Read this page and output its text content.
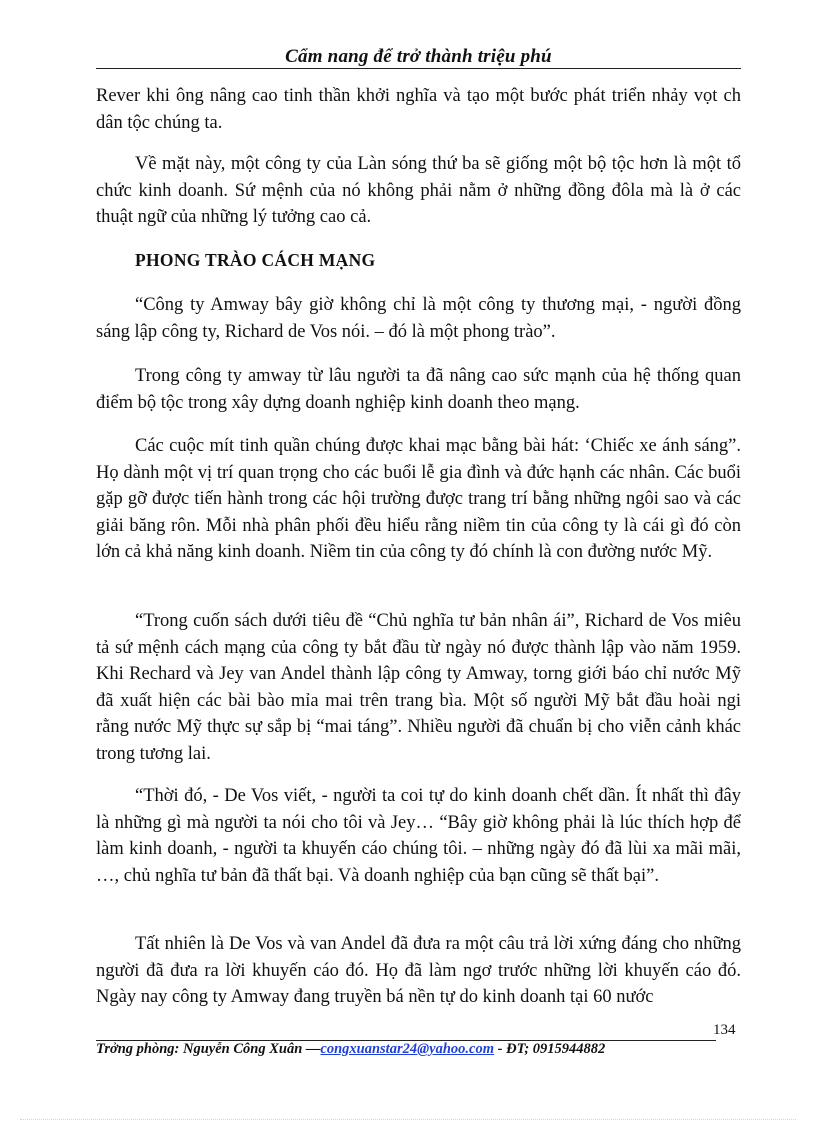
Cẩm nang để trở thành triệu phú

Rever khi ông nâng cao tinh thần khởi nghĩa và tạo một bước phát triển nhảy vọt ch dân tộc chúng ta.

Về mặt này, một công ty của Làn sóng thứ ba sẽ giống một bộ tộc hơn là một tổ chức kinh doanh. Sứ mệnh của nó không phải nằm ở những đồng đôla mà là ở các thuật ngữ của những lý tưởng cao cả.

PHONG TRÀO CÁCH MẠNG

“Công ty Amway bây giờ không chỉ là một công ty thương mại, - người đồng sáng lập công ty, Richard de Vos nói. – đó là một phong trào”.

Trong công ty amway từ lâu người ta đã nâng cao sức mạnh của hệ thống quan điểm bộ tộc trong xây dựng doanh nghiệp kinh doanh theo mạng.

Các cuộc mít tinh quần chúng được khai mạc bằng bài hát: ‘Chiếc xe ánh sáng”. Họ dành một vị trí quan trọng cho các buổi lễ gia đình và đức hạnh các nhân. Các buổi gặp gỡ được tiến hành trong các hội trường được trang trí bằng những ngôi sao và các giải băng rôn. Mỗi nhà phân phối đều hiểu rằng niềm tin của công ty là cái gì đó còn lớn cả khả năng kinh doanh. Niềm tin của công ty đó chính là con đường nước Mỹ.

“Trong cuốn sách dưới tiêu đề “Chủ nghĩa tư bản nhân ái”, Richard de Vos miêu tả sứ mệnh cách mạng của công ty bắt đầu từ ngày nó được thành lập vào năm 1959. Khi Rechard và Jey van Andel thành lập công ty Amway, torng giới báo chỉ nước Mỹ đã xuất hiện các bài bào mỉa mai trên trang bìa. Một số người Mỹ bắt đầu hoài ngi rằng nước Mỹ thực sự sắp bị “mai táng”. Nhiều người đã chuẩn bị cho viễn cảnh khác trong tương lai.

“Thời đó, - De Vos viết, - người ta coi tự do kinh doanh chết dần. Ít nhất thì đây là những gì mà người ta nói cho tôi và Jey… “Bây giờ không phải là lúc thích hợp để làm kinh doanh, - người ta khuyến cáo chúng tôi. – những ngày đó đã lùi xa mãi mãi, …, chủ nghĩa tư bản đã thất bại. Và doanh nghiệp của bạn cũng sẽ thất bại”.

Tất nhiên là De Vos và van Andel đã đưa ra một câu trả lời xứng đáng cho những người đã đưa ra lời khuyến cáo đó. Họ đã làm ngơ trước những lời khuyến cáo đó. Ngày nay công ty Amway đang truyền bá nền tự do kinh doanh tại 60 nước

134
Trởng phòng: Nguyễn Công Xuân —congxuanstar24@yahoo.com - ĐT; 0915944882
